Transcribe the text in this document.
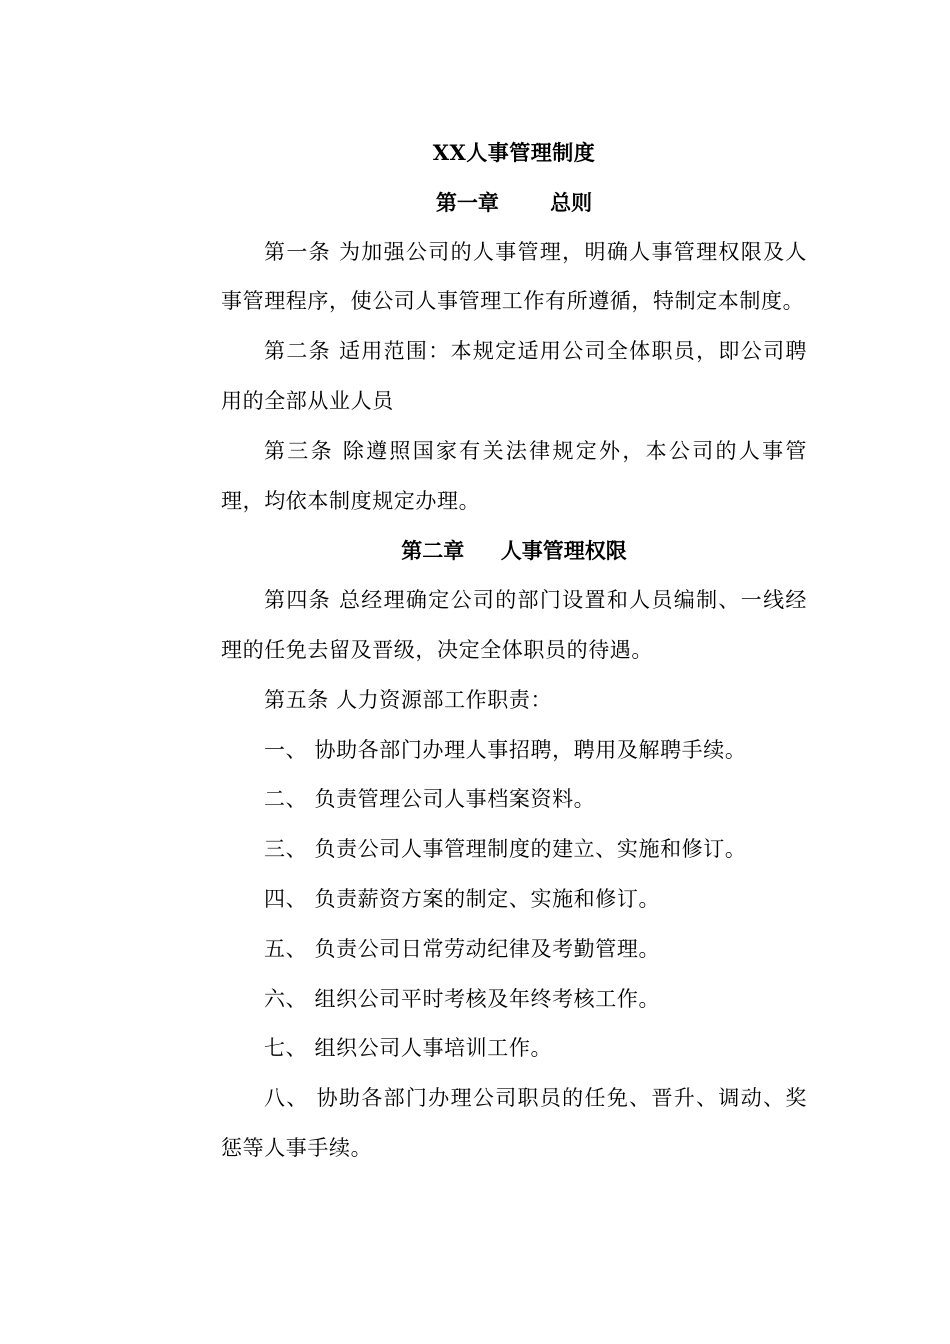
XX人事管理制度

第一章       总则

第一条 为加强公司的人事管理，明确人事管理权限及人事管理程序，使公司人事管理工作有所遵循，特制定本制度。

第二条 适用范围：本规定适用公司全体职员，即公司聘用的全部从业人员

第三条 除遵照国家有关法律规定外，本公司的人事管理，均依本制度规定办理。

第二章     人事管理权限

第四条 总经理确定公司的部门设置和人员编制、一线经理的任免去留及晋级，决定全体职员的待遇。

第五条 人力资源部工作职责：

一、 协助各部门办理人事招聘，聘用及解聘手续。

二、 负责管理公司人事档案资料。

三、 负责公司人事管理制度的建立、实施和修订。

四、 负责薪资方案的制定、实施和修订。

五、 负责公司日常劳动纪律及考勤管理。

六、 组织公司平时考核及年终考核工作。

七、 组织公司人事培训工作。

八、 协助各部门办理公司职员的任免、晋升、调动、奖惩等人事手续。
